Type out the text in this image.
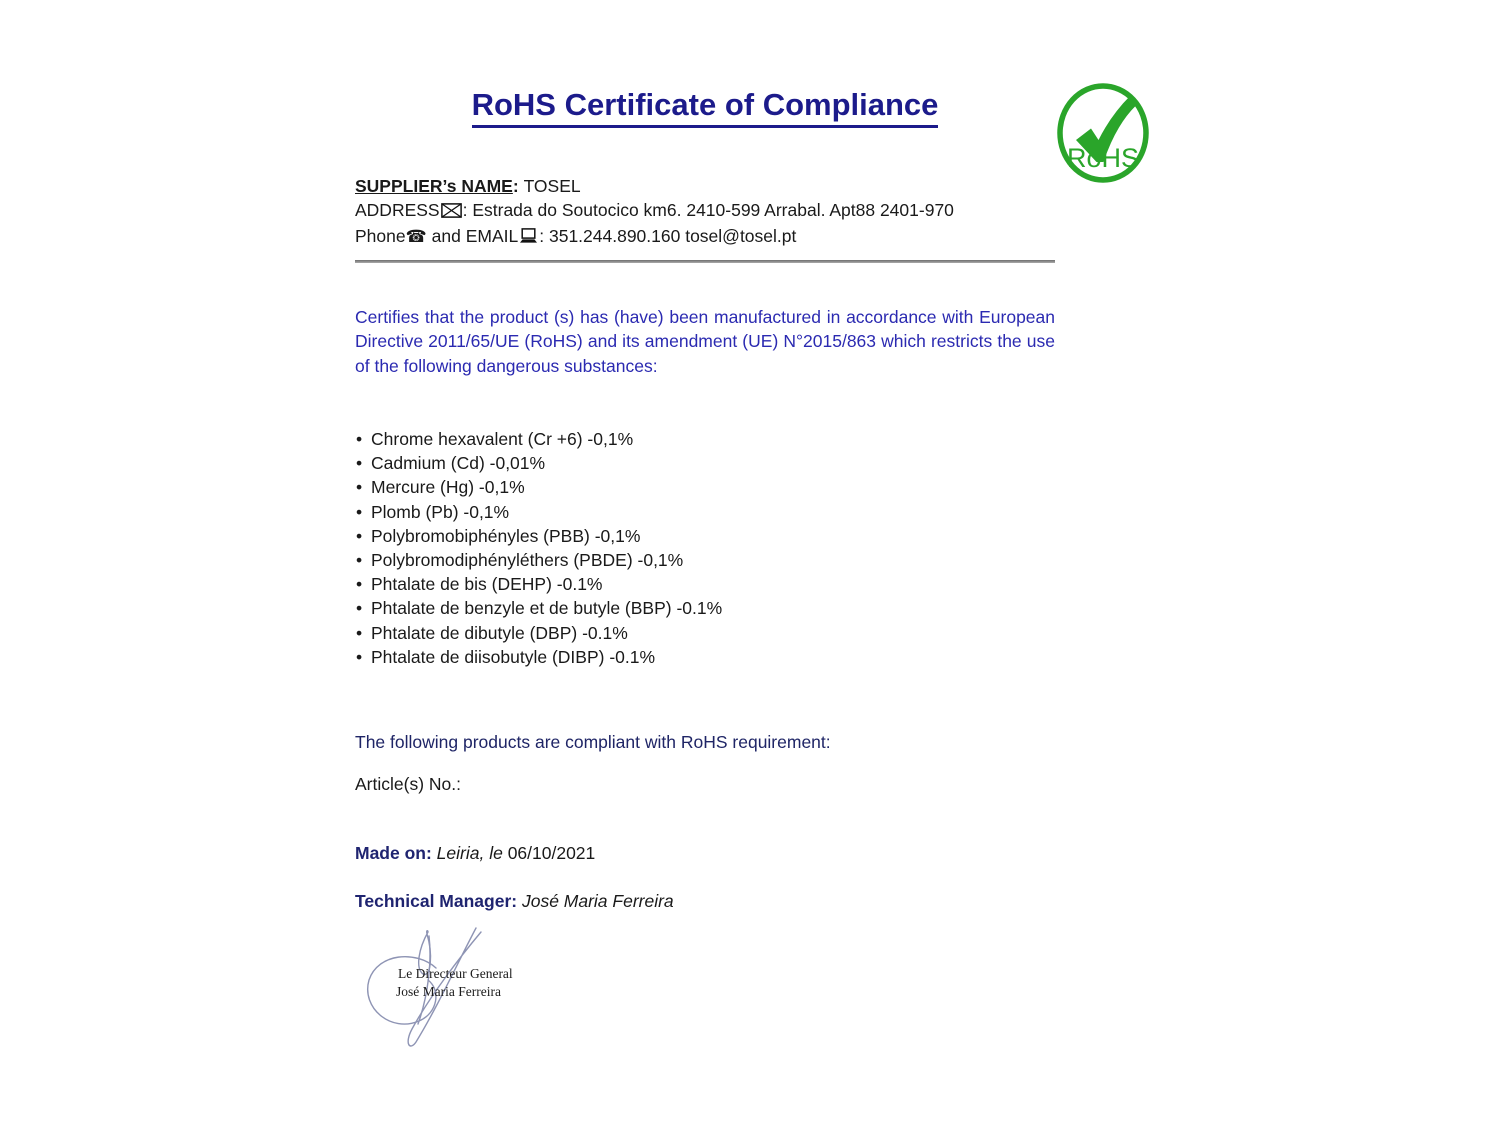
RoHS Certificate of Compliance
RoHS
SUPPLIER’s NAME: TOSEL
ADDRESS : Estrada do Soutocico km6. 2410-599 Arrabal. Apt88 2401-970
Phone☎ and EMAIL : 351.244.890.160 tosel@tosel.pt

Certifies that the product (s) has (have) been manufactured in accordance with European Directive 2011/65/UE (RoHS) and its amendment (UE) N°2015/863 which restricts the use of the following dangerous substances:

• Chrome hexavalent (Cr +6) -0,1%
• Cadmium (Cd) -0,01%
• Mercure (Hg) -0,1%
• Plomb (Pb) -0,1%
• Polybromobiphényles (PBB) -0,1%
• Polybromodiphényléthers (PBDE) -0,1%
• Phtalate de bis (DEHP) -0.1%
• Phtalate de benzyle et de butyle (BBP) -0.1%
• Phtalate de dibutyle (DBP) -0.1%
• Phtalate de diisobutyle (DIBP) -0.1%

The following products are compliant with RoHS requirement:

Article(s) No.:

Made on: Leiria, le 06/10/2021

Technical Manager: José Maria Ferreira

Le Directeur General
José Maria Ferreira
